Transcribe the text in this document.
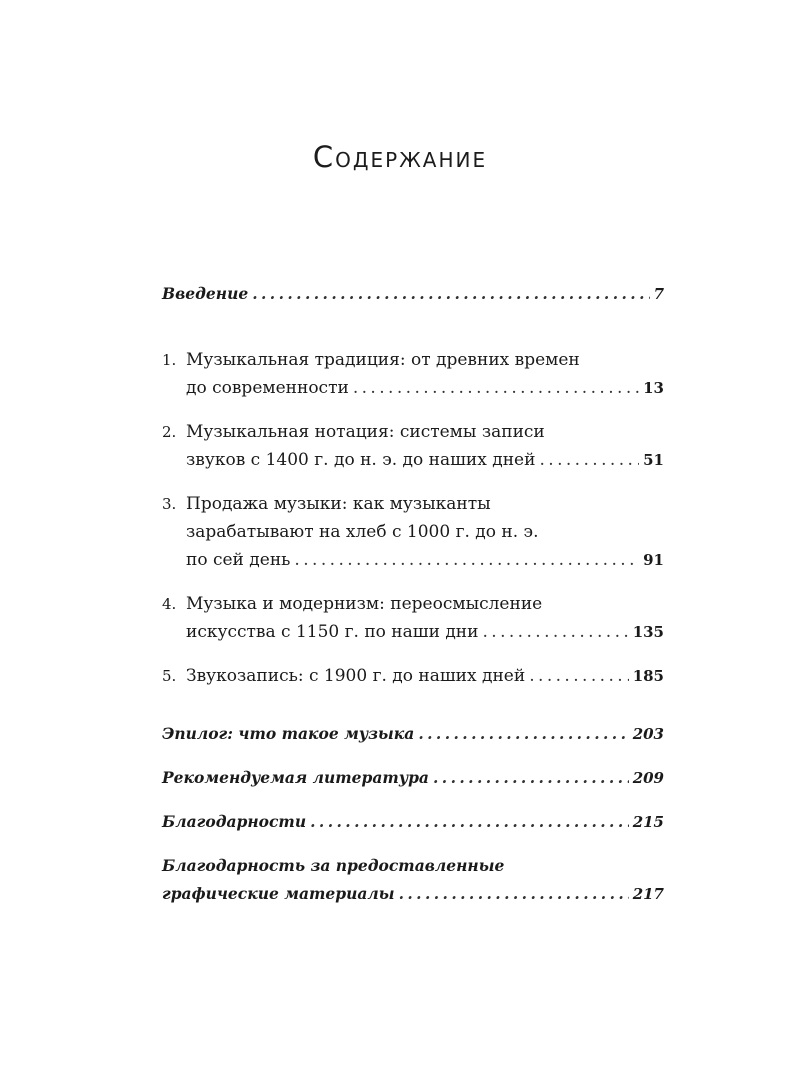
Содержание
Введение . . .	7
1. Музыкальная традиция: от древних времен
до современности . . .	13
2. Музыкальная нотация: системы записи
звуков с 1400 г. до н. э. до наших дней . . .	51
3. Продажа музыки: как музыканты
зарабатывают на хлеб с 1000 г. до н. э.
по сей день . . .	91
4. Музыка и модернизм: переосмысление
искусства с 1150 г. по наши дни . . .	135
5. Звукозапись: с 1900 г. до наших дней . . .	185
Эпилог: что такое музыка . . .	203
Рекомендуемая литература . . .	209
Благодарности . . .	215
Благодарность за предоставленные
графические материалы . . .	217
